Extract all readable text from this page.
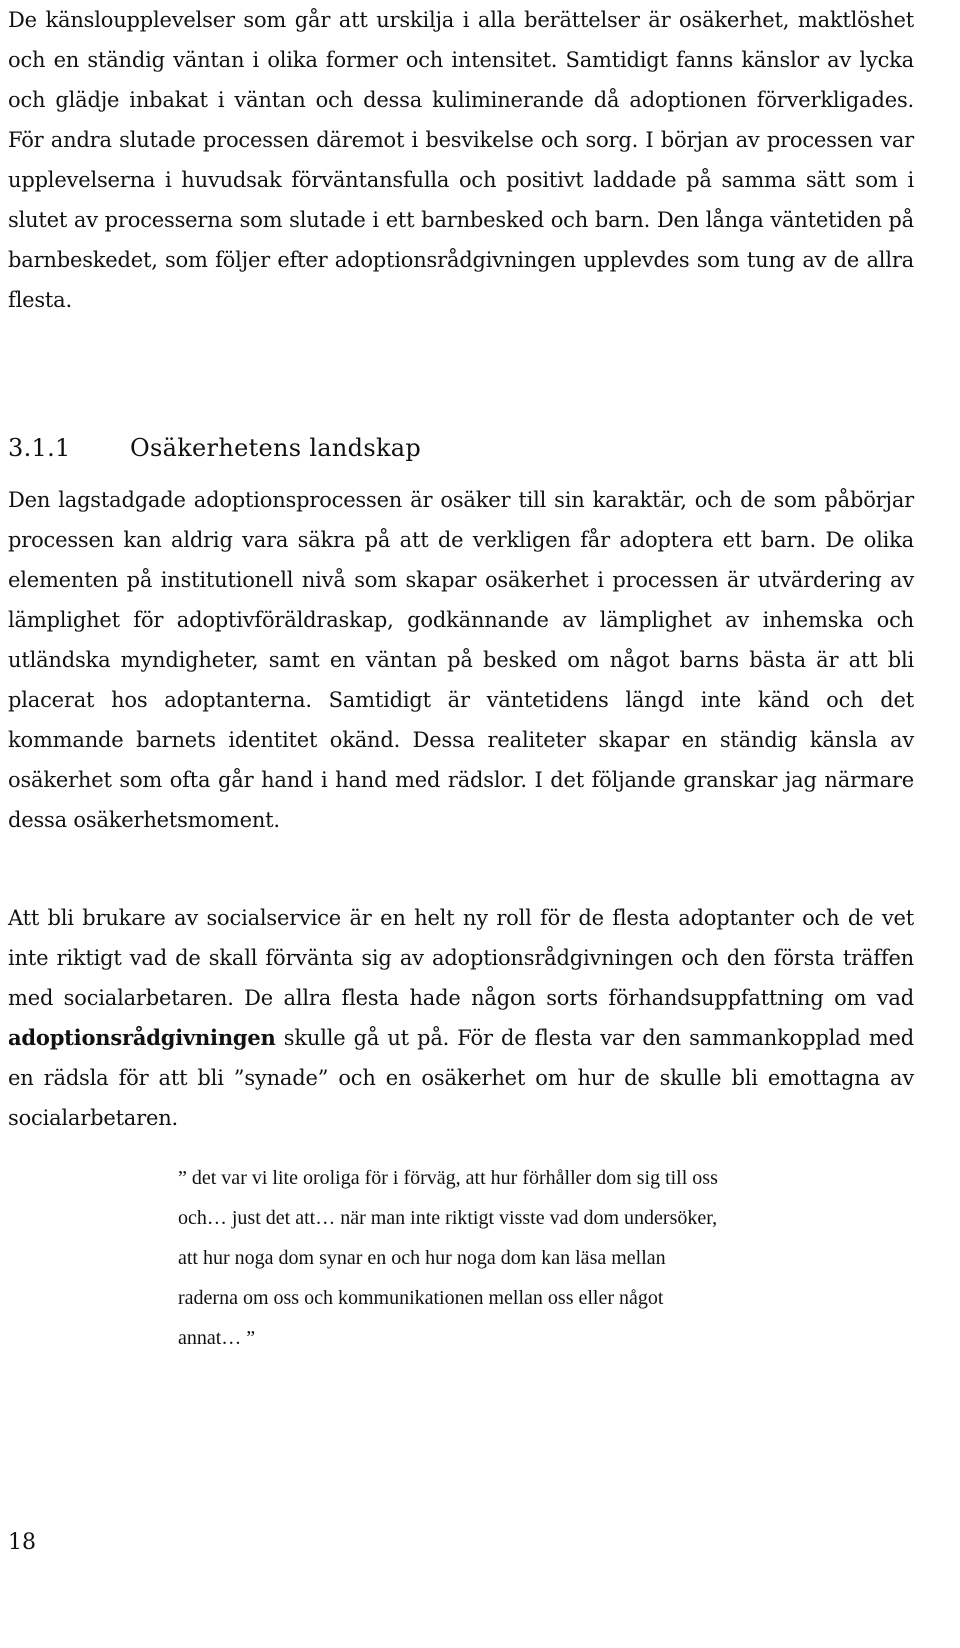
De känsloupplevelser som går att urskilja i alla berättelser är osäkerhet, maktlöshet och en ständig väntan i olika former och intensitet. Samtidigt fanns känslor av lycka och glädje inbakat i väntan och dessa kuliminerande då adoptionen förverkligades. För andra slutade processen däremot i besvikelse och sorg. I början av processen var upplevelserna i huvudsak förväntansfulla och positivt laddade på samma sätt som i slutet av processerna som slutade i ett barnbesked och barn. Den långa väntetiden på barnbeskedet, som följer efter adoptionsrådgivningen upplevdes som tung av de allra flesta.

3.1.1 Osäkerhetens landskap

Den lagstadgade adoptionsprocessen är osäker till sin karaktär, och de som påbörjar processen kan aldrig vara säkra på att de verkligen får adoptera ett barn. De olika elementen på institutionell nivå som skapar osäkerhet i processen är utvärdering av lämplighet för adoptivföräldraskap, godkännande av lämplighet av inhemska och utländska myndigheter, samt en väntan på besked om något barns bästa är att bli placerat hos adoptanterna. Samtidigt är väntetidens längd inte känd och det kommande barnets identitet okänd. Dessa realiteter skapar en ständig känsla av osäkerhet som ofta går hand i hand med rädslor. I det följande granskar jag närmare dessa osäkerhetsmoment.

Att bli brukare av socialservice är en helt ny roll för de flesta adoptanter och de vet inte riktigt vad de skall förvänta sig av adoptionsrådgivningen och den första träffen med socialarbetaren. De allra flesta hade någon sorts förhandsuppfattning om vad adoptionsrådgivningen skulle gå ut på. För de flesta var den sammankopplad med en rädsla för att bli ”synade” och en osäkerhet om hur de skulle bli emottagna av socialarbetaren.

” det var vi lite oroliga för i förväg, att hur förhåller dom sig till oss
och… just det att… när man inte riktigt visste vad dom undersöker,
att hur noga dom synar en och hur noga dom kan läsa mellan
raderna om oss och kommunikationen mellan oss eller något
annat… ”

18
